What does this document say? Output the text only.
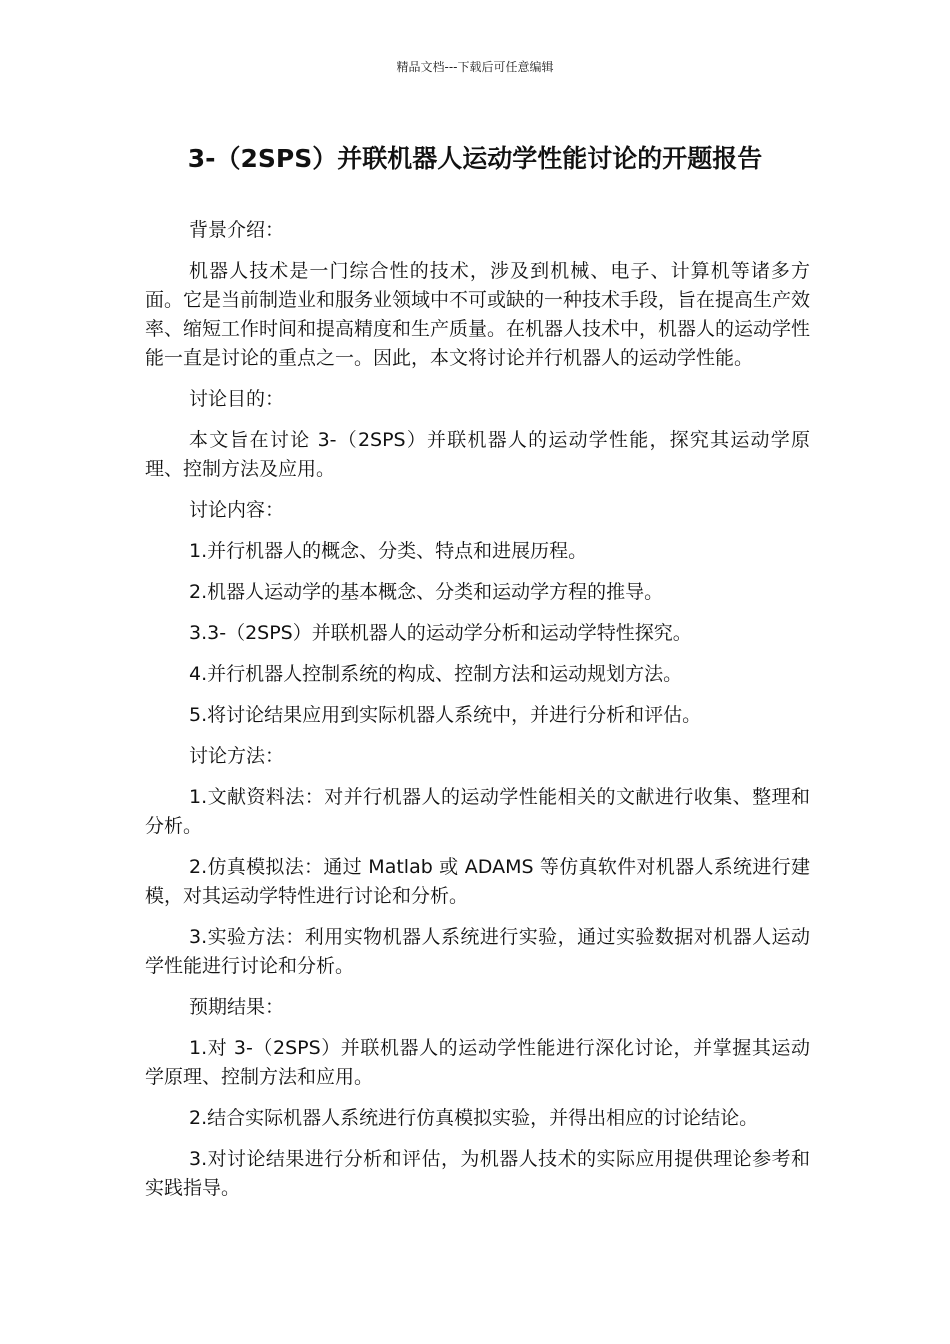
精品文档---下载后可任意编辑
3-（2SPS）并联机器人运动学性能讨论的开题报告

背景介绍：

机器人技术是一门综合性的技术，涉及到机械、电子、计算机等诸多方面。它是当前制造业和服务业领域中不可或缺的一种技术手段，旨在提高生产效率、缩短工作时间和提高精度和生产质量。在机器人技术中，机器人的运动学性能一直是讨论的重点之一。因此，本文将讨论并行机器人的运动学性能。

讨论目的：

本文旨在讨论 3-（2SPS）并联机器人的运动学性能，探究其运动学原理、控制方法及应用。

讨论内容：

1.并行机器人的概念、分类、特点和进展历程。

2.机器人运动学的基本概念、分类和运动学方程的推导。

3.3-（2SPS）并联机器人的运动学分析和运动学特性探究。

4.并行机器人控制系统的构成、控制方法和运动规划方法。

5.将讨论结果应用到实际机器人系统中，并进行分析和评估。

讨论方法：

1.文献资料法：对并行机器人的运动学性能相关的文献进行收集、整理和分析。

2.仿真模拟法：通过 Matlab 或 ADAMS 等仿真软件对机器人系统进行建模，对其运动学特性进行讨论和分析。

3.实验方法：利用实物机器人系统进行实验，通过实验数据对机器人运动学性能进行讨论和分析。

预期结果：

1.对 3-（2SPS）并联机器人的运动学性能进行深化讨论，并掌握其运动学原理、控制方法和应用。

2.结合实际机器人系统进行仿真模拟实验，并得出相应的讨论结论。

3.对讨论结果进行分析和评估，为机器人技术的实际应用提供理论参考和实践指导。
